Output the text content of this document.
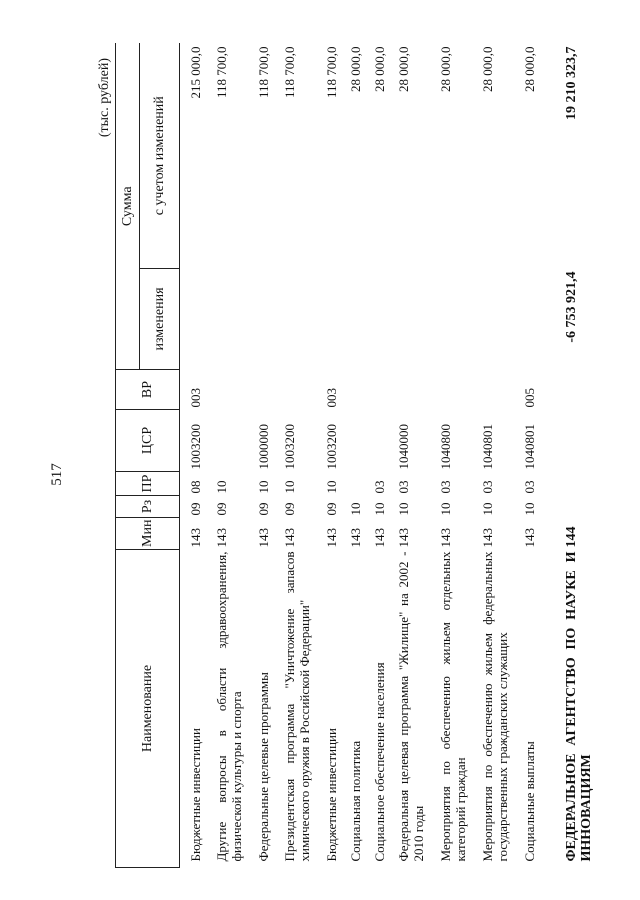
517
(тыс. рублей)
Наименование	Мин	Рз	ПР	ЦСР	ВР	Сумма	
						изменения	с учетом изменений

Бюджетные инвестиции	143	09	08	1003200	003		215 000,0
Другие вопросы в области здравоохранения, физической культуры и спорта	143	09	10				118 700,0
Федеральные целевые программы	143	09	10	1000000			118 700,0
Президентская программа "Уничтожение запасов химического оружия в Российской Федерации"	143	09	10	1003200			118 700,0
Бюджетные инвестиции	143	09	10	1003200	003		118 700,0
Социальная политика	143	10					28 000,0
Социальное обеспечение населения	143	10	03				28 000,0
Федеральная целевая программа "Жилище" на 2002 - 2010 годы	143	10	03	1040000			28 000,0
Мероприятия по обеспечению жильем отдельных категорий граждан	143	10	03	1040800			28 000,0
Мероприятия по обеспечению жильем федеральных государственных гражданских служащих	143	10	03	1040801			28 000,0
Социальные выплаты	143	10	03	1040801	005		28 000,0

ФЕДЕРАЛЬНОЕ АГЕНТСТВО ПО НАУКЕ И ИННОВАЦИЯМ	144					-6 753 921,4	19 210 323,7
